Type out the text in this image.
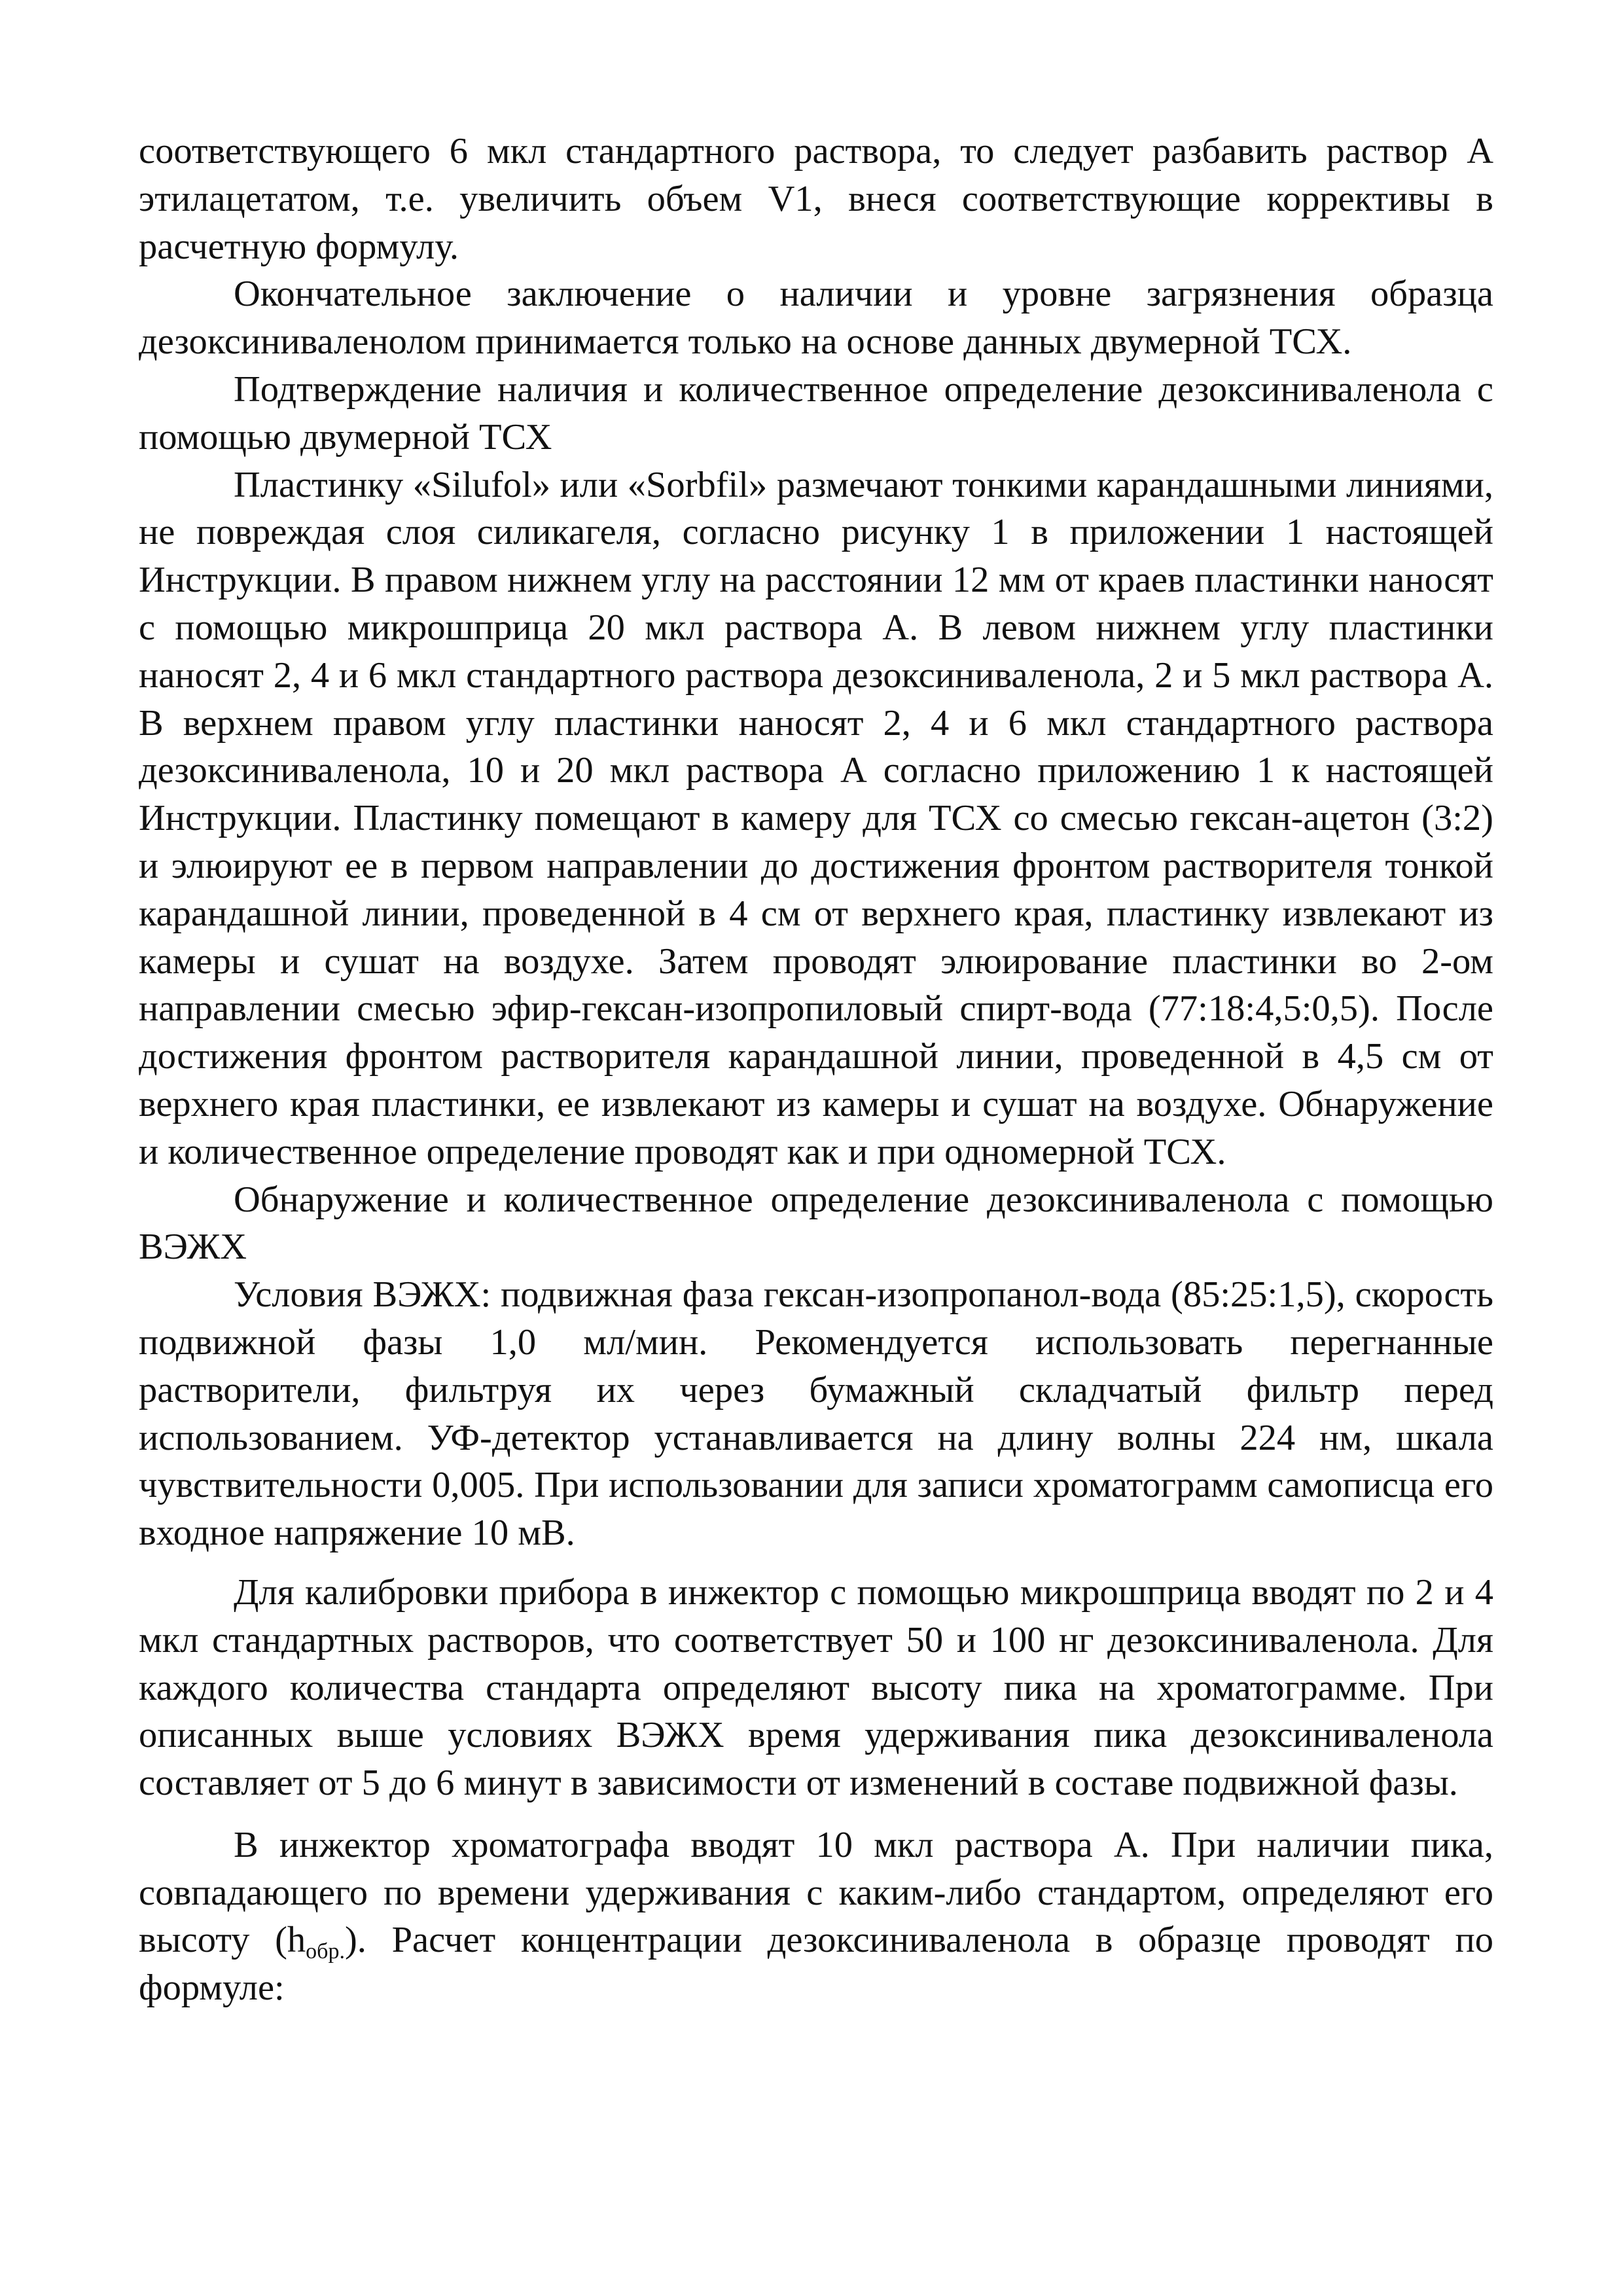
соответствующего 6 мкл стандартного раствора, то следует разбавить раствор А этилацетатом, т.е. увеличить объем V1, внеся соответствующие коррективы в расчетную формулу.

Окончательное заключение о наличии и уровне загрязнения образца дезоксиниваленолом принимается только на основе данных двумерной ТСХ.

Подтверждение наличия и количественное определение дезоксиниваленола с помощью двумерной ТСХ

Пластинку «Silufol» или «Sorbfil» размечают тонкими карандашными линиями, не повреждая слоя силикагеля, согласно рисунку 1 в приложении 1 настоящей Инструкции. В правом нижнем углу на расстоянии 12 мм от краев пластинки наносят с помощью микрошприца 20 мкл раствора А. В левом нижнем углу пластинки наносят 2, 4 и 6 мкл стандартного раствора дезоксиниваленола, 2 и 5 мкл раствора А. В верхнем правом углу пластинки наносят 2, 4 и 6 мкл стандартного раствора дезоксиниваленола, 10 и 20 мкл раствора А согласно приложению 1 к настоящей Инструкции. Пластинку помещают в камеру для ТСХ со смесью гексан-ацетон (3:2) и элюируют ее в первом направлении до достижения фронтом растворителя тонкой карандашной линии, проведенной в 4 см от верхнего края, пластинку извлекают из камеры и сушат на воздухе. Затем проводят элюирование пластинки во 2-ом направлении смесью эфир-гексан-изопропиловый спирт-вода (77:18:4,5:0,5). После достижения фронтом растворителя карандашной линии, проведенной в 4,5 см от верхнего края пластинки, ее извлекают из камеры и сушат на воздухе. Обнаружение и количественное определение проводят как и при одномерной ТСХ.

Обнаружение и количественное определение дезоксиниваленола с помощью ВЭЖХ

Условия ВЭЖХ: подвижная фаза гексан-изопропанол-вода (85:25:1,5), скорость подвижной фазы 1,0 мл/мин. Рекомендуется использовать перегнанные растворители, фильтруя их через бумажный складчатый фильтр перед использованием. УФ-детектор устанавливается на длину волны 224 нм, шкала чувствительности 0,005. При использовании для записи хроматограмм самописца его входное напряжение 10 мВ.

Для калибровки прибора в инжектор с помощью микрошприца вводят по 2 и 4 мкл стандартных растворов, что соответствует 50 и 100 нг дезоксиниваленола. Для каждого количества стандарта определяют высоту пика на хроматограмме. При описанных выше условиях ВЭЖХ время удерживания пика дезоксиниваленола составляет от 5 до 6 минут в зависимости от изменений в составе подвижной фазы.

В инжектор хроматографа вводят 10 мкл раствора А. При наличии пика, совпадающего по времени удерживания с каким-либо стандартом, определяют его высоту $(h_{обр.})$. Расчет концентрации дезоксиниваленола в образце проводят по формуле:
